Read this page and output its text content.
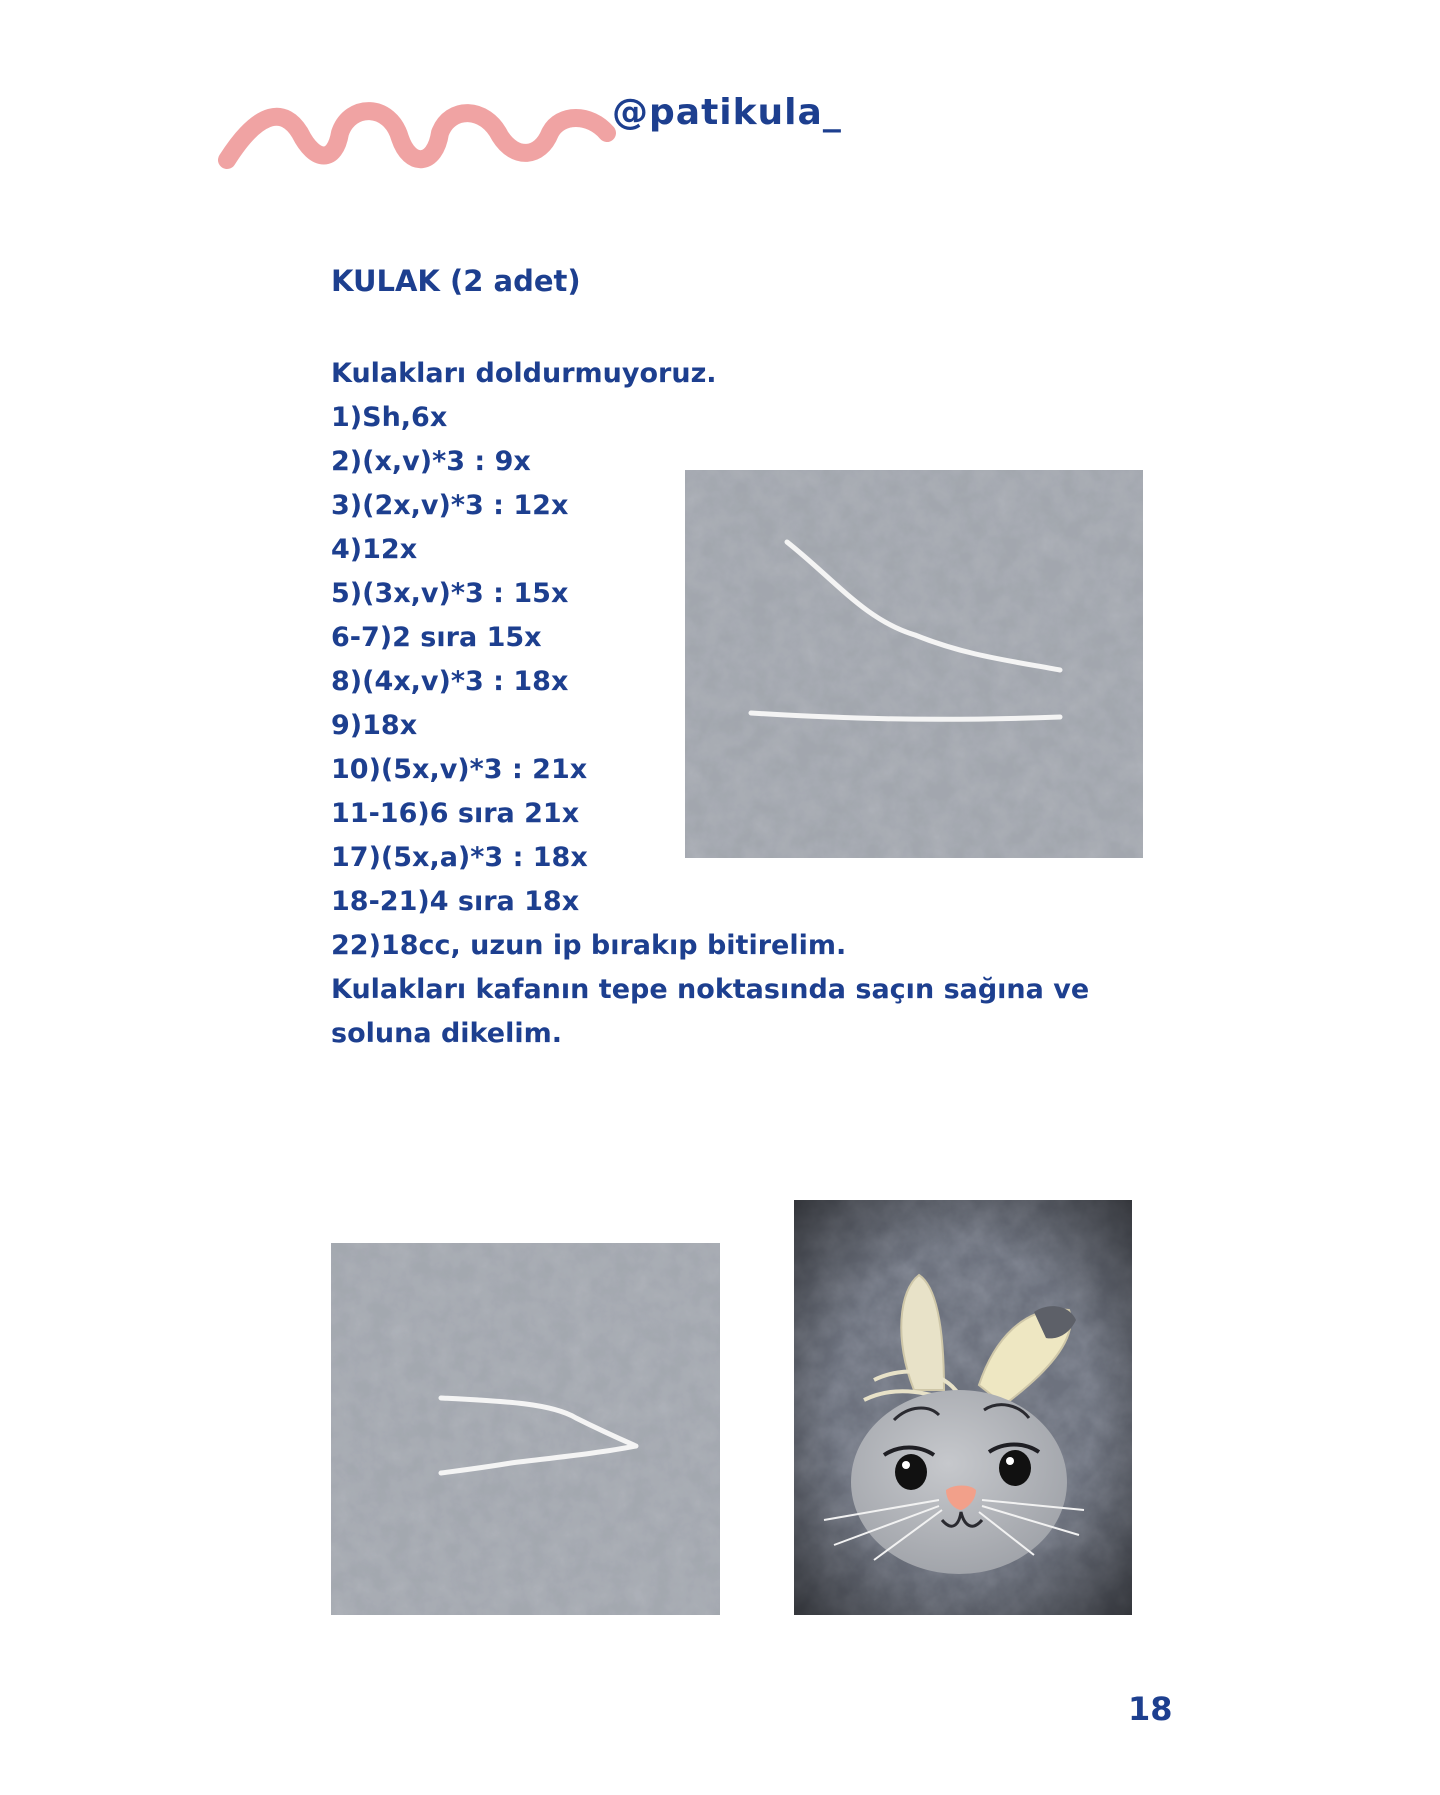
@patikula_
KULAK (2 adet)

Kulakları doldurmuyoruz.

1)Sh,6x

2)(x,v)*3 : 9x

3)(2x,v)*3 : 12x

4)12x

5)(3x,v)*3 : 15x

6-7)2 sıra 15x

8)(4x,v)*3 : 18x

9)18x

10)(5x,v)*3 : 21x

11-16)6 sıra 21x

17)(5x,a)*3 : 18x

18-21)4 sıra 18x

22)18cc, uzun ip bırakıp bitirelim.

Kulakları kafanın tepe noktasında saçın sağına ve

soluna dikelim.

18
